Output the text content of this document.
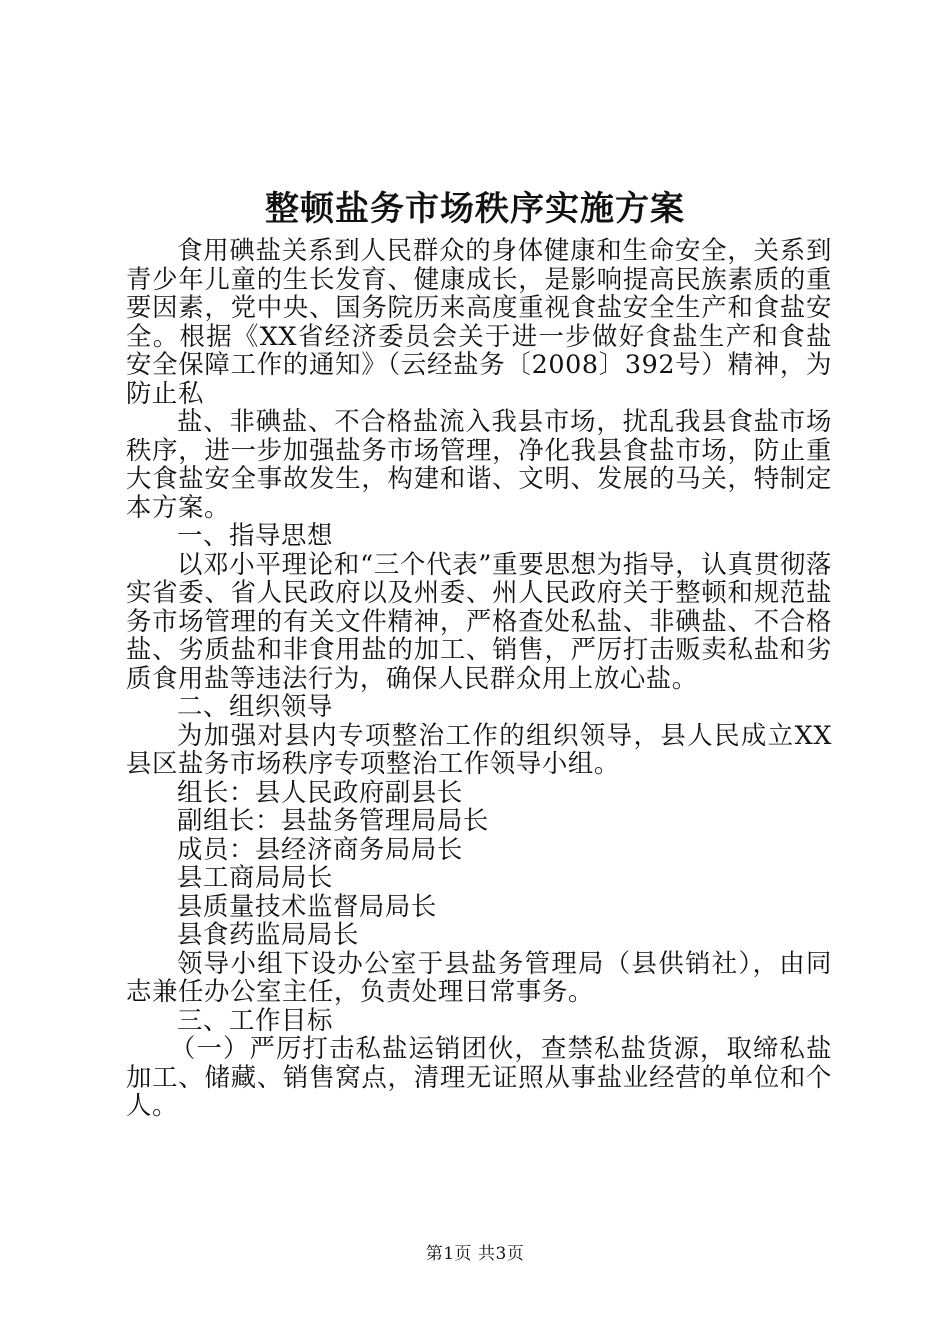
整顿盐务市场秩序实施方案

食用碘盐关系到人民群众的身体健康和生命安全，关系到青少年儿童的生长发育、健康成长，是影响提高民族素质的重要因素，党中央、国务院历来高度重视食盐安全生产和食盐安全。根据《XX省经济委员会关于进一步做好食盐生产和食盐安全保障工作的通知》（云经盐务〔2008〕392号）精神，为防止私

盐、非碘盐、不合格盐流入我县市场，扰乱我县食盐市场秩序，进一步加强盐务市场管理，净化我县食盐市场，防止重大食盐安全事故发生，构建和谐、文明、发展的马关，特制定本方案。

一、指导思想

以邓小平理论和“三个代表”重要思想为指导，认真贯彻落实省委、省人民政府以及州委、州人民政府关于整顿和规范盐务市场管理的有关文件精神，严格查处私盐、非碘盐、不合格盐、劣质盐和非食用盐的加工、销售，严厉打击贩卖私盐和劣质食用盐等违法行为，确保人民群众用上放心盐。

二、组织领导

为加强对县内专项整治工作的组织领导，县人民成立XX县区盐务市场秩序专项整治工作领导小组。

组长：县人民政府副县长

副组长：县盐务管理局局长

成员：县经济商务局局长

县工商局局长

县质量技术监督局局长

县食药监局局长

领导小组下设办公室于县盐务管理局（县供销社），由同志兼任办公室主任，负责处理日常事务。

三、工作目标

（一）严厉打击私盐运销团伙，查禁私盐货源，取缔私盐加工、储藏、销售窝点，清理无证照从事盐业经营的单位和个人。

第1页 共3页
